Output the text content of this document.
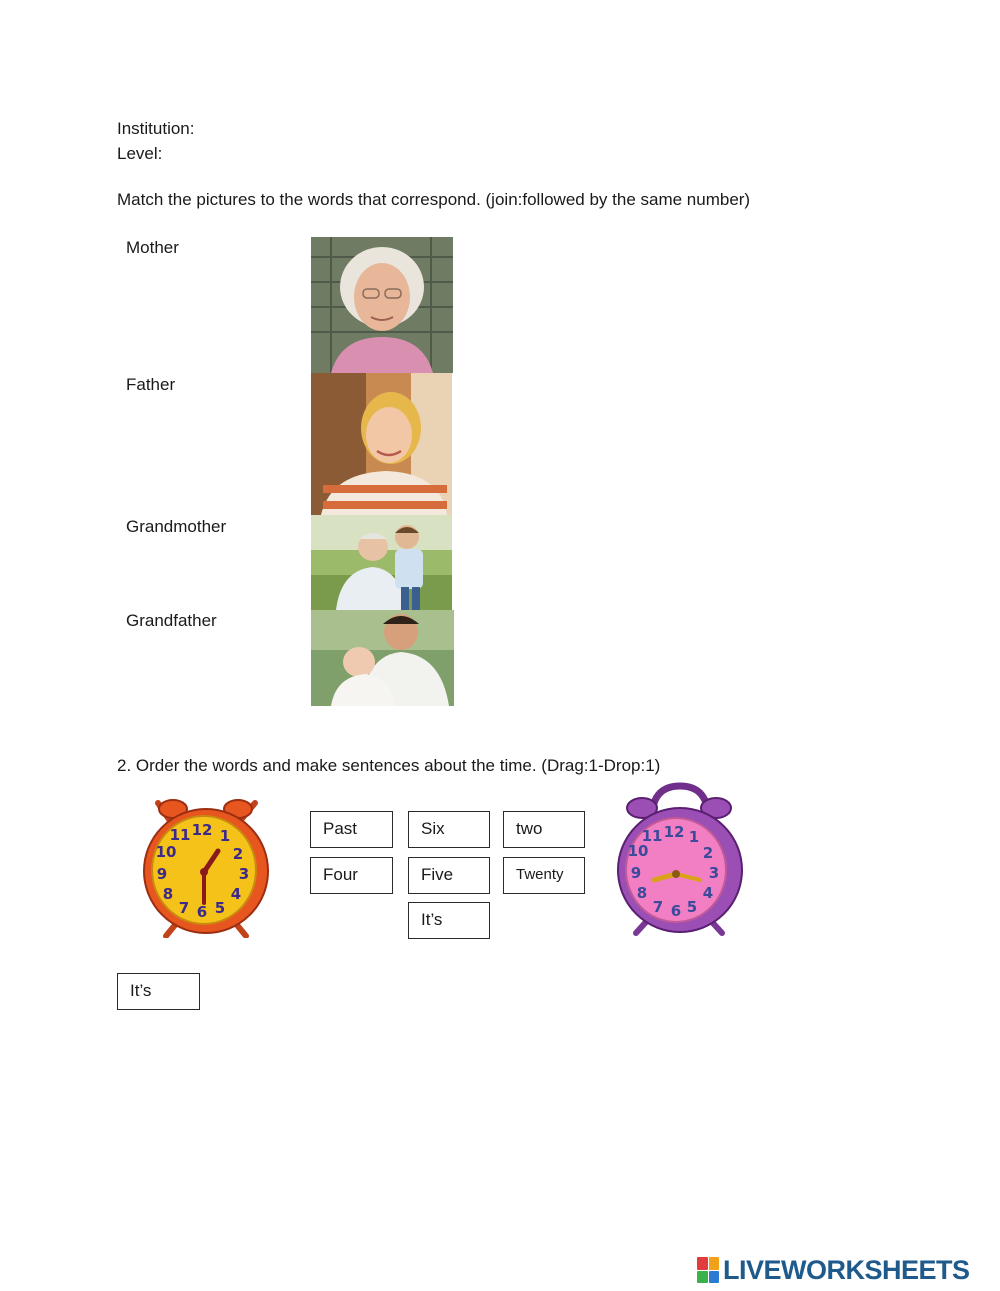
Institution:
Level:
Match the pictures to the words that correspond. (join:followed by the same number)
Mother
Father
Grandmother
Grandfather
2. Order the words and make sentences about the time. (Drag:1-Drop:1)
12 1
2
3
4
5
6
7
8
9
10
11	12 1
2
3
4
5
6
7
8
9
10
11
Past	Six	two
Four	Five	Twenty
It’s
It’s
LIVEWORKSHEETS
